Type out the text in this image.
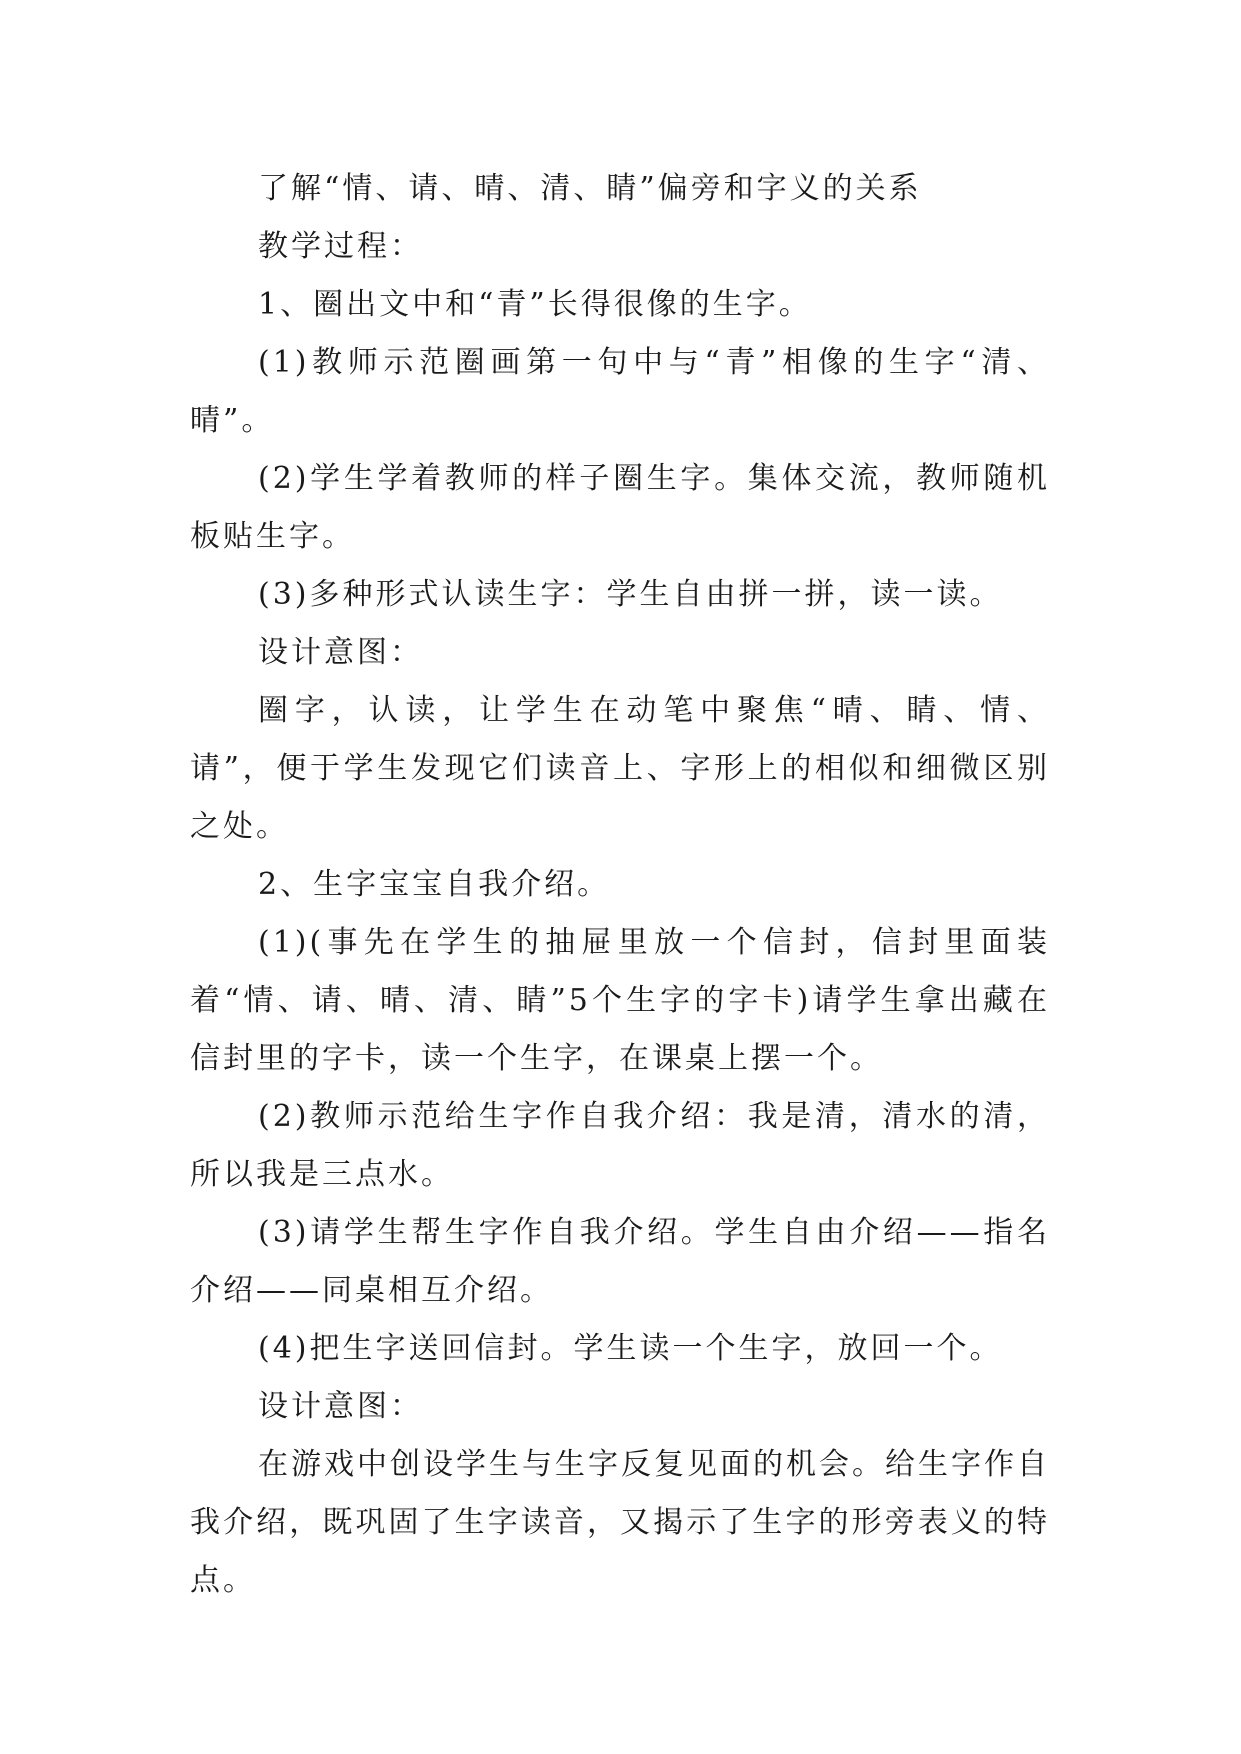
了解“情、请、晴、清、睛”偏旁和字义的关系

教学过程：

1、圈出文中和“青”长得很像的生字。

(1)教师示范圈画第一句中与“青”相像的生字“清、晴”。

(2)学生学着教师的样子圈生字。集体交流，教师随机板贴生字。

(3)多种形式认读生字：学生自由拼一拼，读一读。

设计意图：

圈字，认读，让学生在动笔中聚焦“晴、睛、情、请”，便于学生发现它们读音上、字形上的相似和细微区别之处。

2、生字宝宝自我介绍。

(1)(事先在学生的抽屉里放一个信封，信封里面装着“情、请、晴、清、睛”5个生字的字卡)请学生拿出藏在信封里的字卡，读一个生字，在课桌上摆一个。

(2)教师示范给生字作自我介绍：我是清，清水的清，所以我是三点水。

(3)请学生帮生字作自我介绍。学生自由介绍——指名介绍——同桌相互介绍。

(4)把生字送回信封。学生读一个生字，放回一个。

设计意图：

在游戏中创设学生与生字反复见面的机会。给生字作自我介绍，既巩固了生字读音，又揭示了生字的形旁表义的特点。
